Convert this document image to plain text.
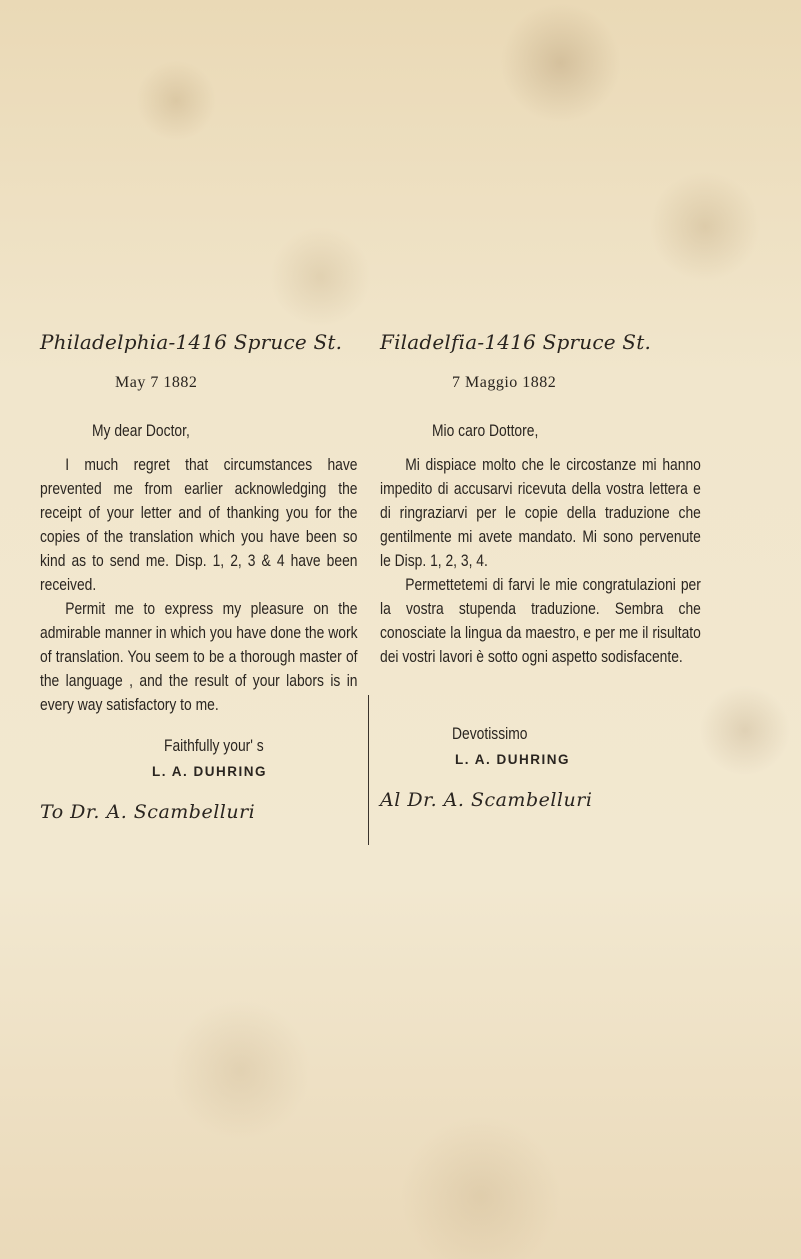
Philadelphia-1416 Spruce St.
May 7 1882
My dear Doctor,

I much regret that circumstances have prevented me from earlier acknowledging the receipt of your letter and of thanking you for the copies of the translation which you have been so kind as to send me. Disp. 1, 2, 3 & 4 have been received.

Permit me to express my pleasure on the admirable manner in which you have done the work of translation. You seem to be a thorough master of the language , and the result of your labors is in every way satisfactory to me.

Faithfully your' s
L. A. DUHRING
To Dr. A. Scambelluri
Filadelfia-1416 Spruce St.
7 Maggio 1882
Mio caro Dottore,

Mi dispiace molto che le circostanze mi hanno impedito di accusarvi ricevuta della vostra lettera e di ringraziarvi per le copie della traduzione che gentilmente mi avete mandato. Mi sono pervenute le Disp. 1, 2, 3, 4.

Permettetemi di farvi le mie congratulazioni per la vostra stupenda traduzione. Sembra che conosciate la lingua da maestro, e per me il risultato dei vostri lavori è sotto ogni aspetto sodisfacente.

Devotissimo
L. A. DUHRING
Al Dr. A. Scambelluri
